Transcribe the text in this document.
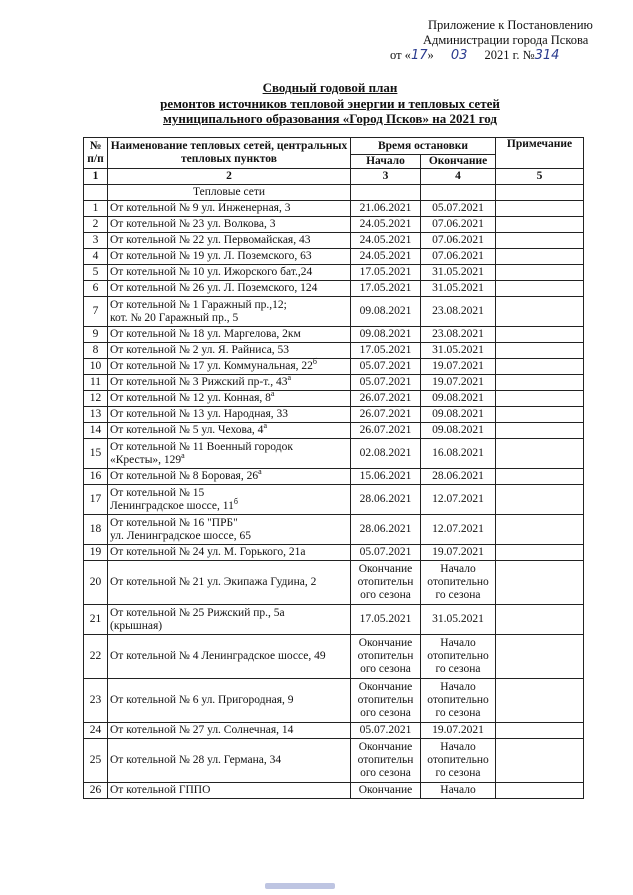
Приложение к Постановлению
Администрации города Пскова
от «17» 03 2021 г. №314
Сводный годовой план
ремонтов источников тепловой энергии и тепловых сетей
муниципального образования «Город Псков» на 2021 год
№ п/п	Наименование тепловых сетей, центральных тепловых пунктов	Время остановки		Примечание
		Начало	Окончание	
1	2	3	4	5
	Тепловые сети			
1	От котельной № 9 ул. Инженерная, 3	21.06.2021	05.07.2021	
2	От котельной № 23 ул. Волкова, 3	24.05.2021	07.06.2021	
3	От котельной № 22 ул. Первомайская, 43	24.05.2021	07.06.2021	
4	От котельной № 19 ул. Л. Поземского, 63	24.05.2021	07.06.2021	
5	От котельной № 10 ул. Ижорского бат.,24	17.05.2021	31.05.2021	
6	От котельной № 26 ул. Л. Поземского, 124	17.05.2021	31.05.2021	
7	От котельной № 1 Гаражный пр.,12;
кот. № 20 Гаражный пр., 5	09.08.2021	23.08.2021	
9	От котельной № 18 ул. Маргелова, 2км	09.08.2021	23.08.2021	
8	От котельной № 2 ул. Я. Райниса, 53	17.05.2021	31.05.2021	
10	От котельной № 17 ул. Коммунальная, $22^б$	05.07.2021	19.07.2021	
11	От котельной № 3 Рижский пр-т., $43^а$	05.07.2021	19.07.2021	
12	От котельной № 12 ул. Конная, $8^а$	26.07.2021	09.08.2021	
13	От котельной № 13 ул. Народная, 33	26.07.2021	09.08.2021	
14	От котельной № 5 ул. Чехова, $4^а$	26.07.2021	09.08.2021	
15	От котельной № 11 Военный городок
«Кресты», $129^а$	02.08.2021	16.08.2021	
16	От котельной № 8 Боровая, $26^а$	15.06.2021	28.06.2021	
17	От котельной № 15
Ленинградское шоссе, $11^б$	28.06.2021	12.07.2021	
18	От котельной № 16 "ПРБ"
ул. Ленинградское шоссе, 65	28.06.2021	12.07.2021	
19	От котельной № 24 ул. М. Горького, 21а	05.07.2021	19.07.2021	
20	От котельной № 21 ул. Экипажа Гудина, 2	Окончание отопительн ого сезона	Начало отопительно го сезона	
21	От котельной № 25 Рижский пр., 5а
(крышная)	17.05.2021	31.05.2021	
22	От котельной № 4 Ленинградское шоссе, 49	Окончание отопительн ого сезона	Начало отопительно го сезона	
23	От котельной № 6 ул. Пригородная, 9	Окончание отопительн ого сезона	Начало отопительно го сезона	
24	От котельной № 27 ул. Солнечная, 14	05.07.2021	19.07.2021	
25	От котельной № 28 ул. Германа, 34	Окончание отопительн ого сезона	Начало отопительно го сезона	
26	От котельной ГППО	Окончание	Начало	
